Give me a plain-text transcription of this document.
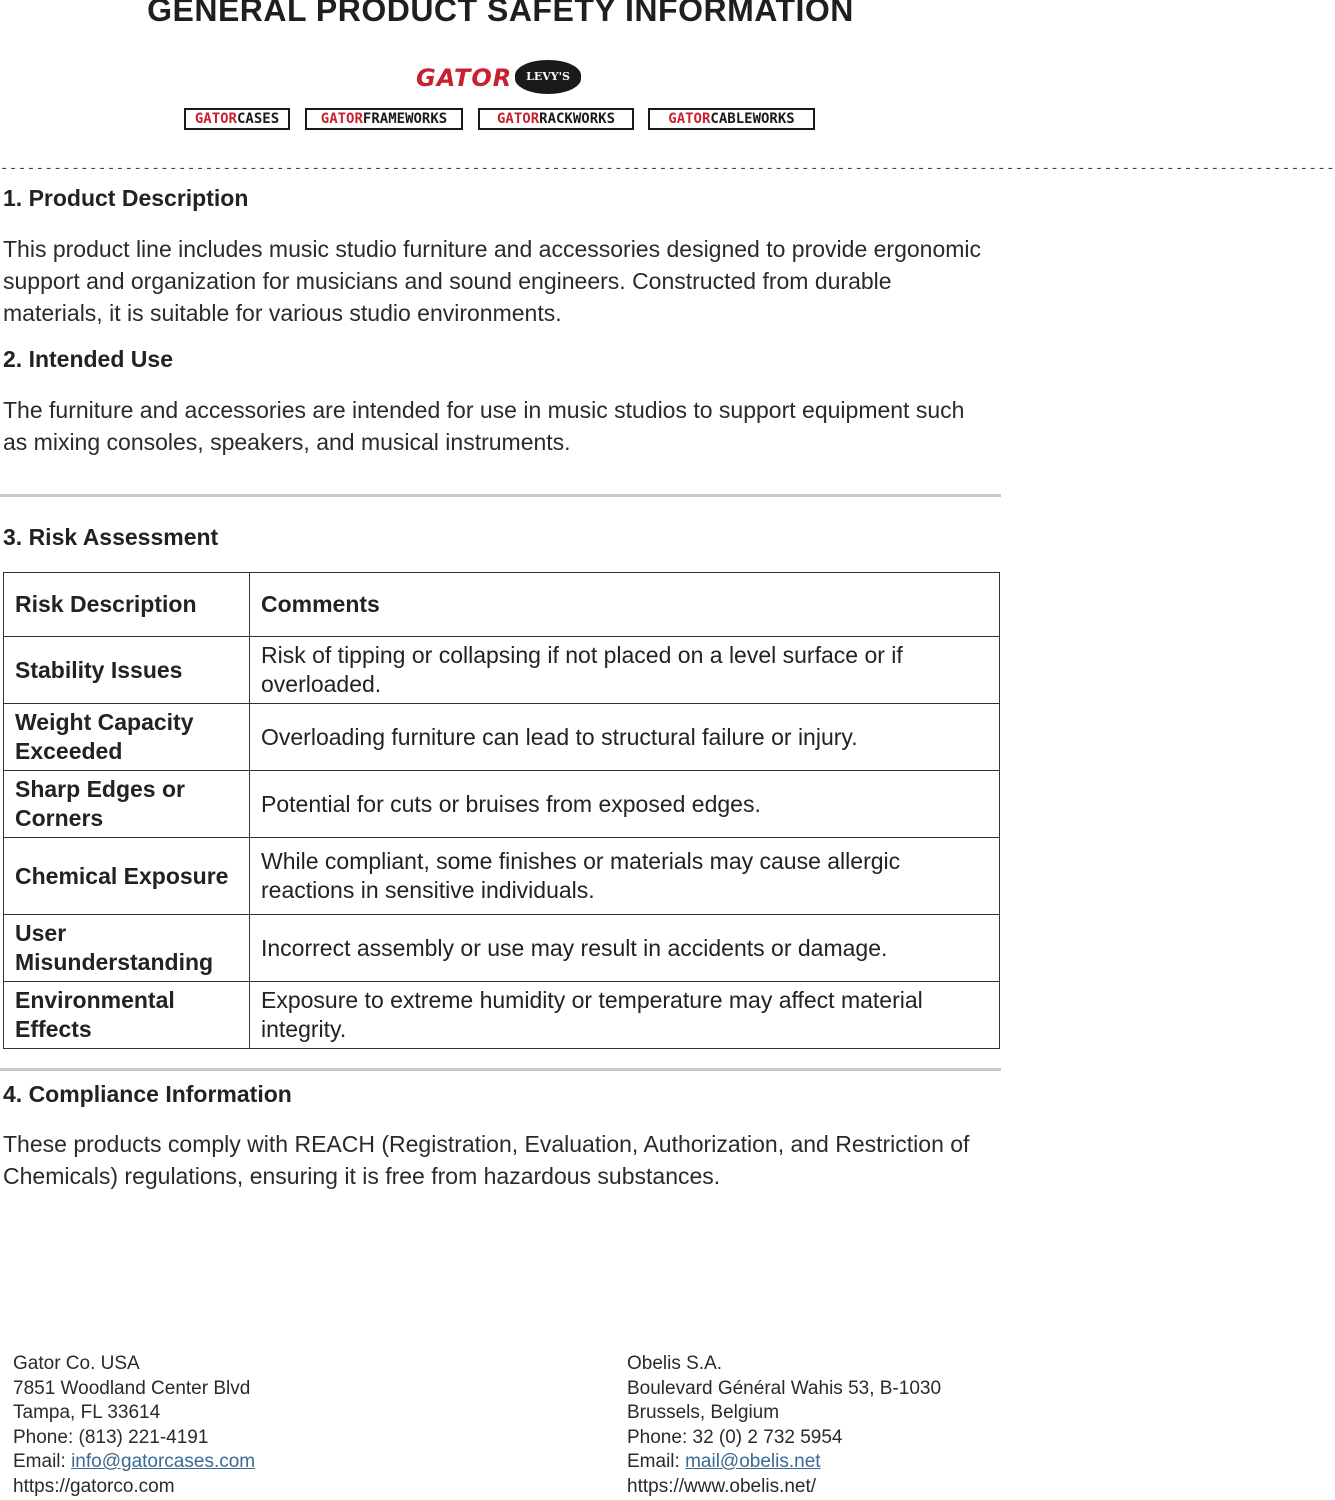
GENERAL PRODUCT SAFETY INFORMATION
GATOR	LEVY'S
GATORCASES	GATORFRAMEWORKS	GATORRACKWORKS	GATORCABLEWORKS
------------------------------------------------------------------------------------------------------------------------------------------------------
1. Product Description
This product line includes music studio furniture and accessories designed to provide ergonomic support and organization for musicians and sound engineers. Constructed from durable materials, it is suitable for various studio environments.
2. Intended Use
The furniture and accessories are intended for use in music studios to support equipment such as mixing consoles, speakers, and musical instruments.
3. Risk Assessment
Risk Description	Comments
Stability Issues	Risk of tipping or collapsing if not placed on a level surface or if overloaded.
Weight Capacity Exceeded	Overloading furniture can lead to structural failure or injury.
Sharp Edges or Corners	Potential for cuts or bruises from exposed edges.
Chemical Exposure	While compliant, some finishes or materials may cause allergic reactions in sensitive individuals.
User Misunderstanding	Incorrect assembly or use may result in accidents or damage.
Environmental Effects	Exposure to extreme humidity or temperature may affect material integrity.
4. Compliance Information
These products comply with REACH (Registration, Evaluation, Authorization, and Restriction of Chemicals) regulations, ensuring it is free from hazardous substances.
Gator Co. USA
7851 Woodland Center Blvd
Tampa, FL 33614
Phone: (813) 221-4191
Email: info@gatorcases.com
https://gatorco.com
Obelis S.A.
Boulevard Général Wahis 53, B-1030
Brussels, Belgium
Phone: 32 (0) 2 732 5954
Email: mail@obelis.net
https://www.obelis.net/
